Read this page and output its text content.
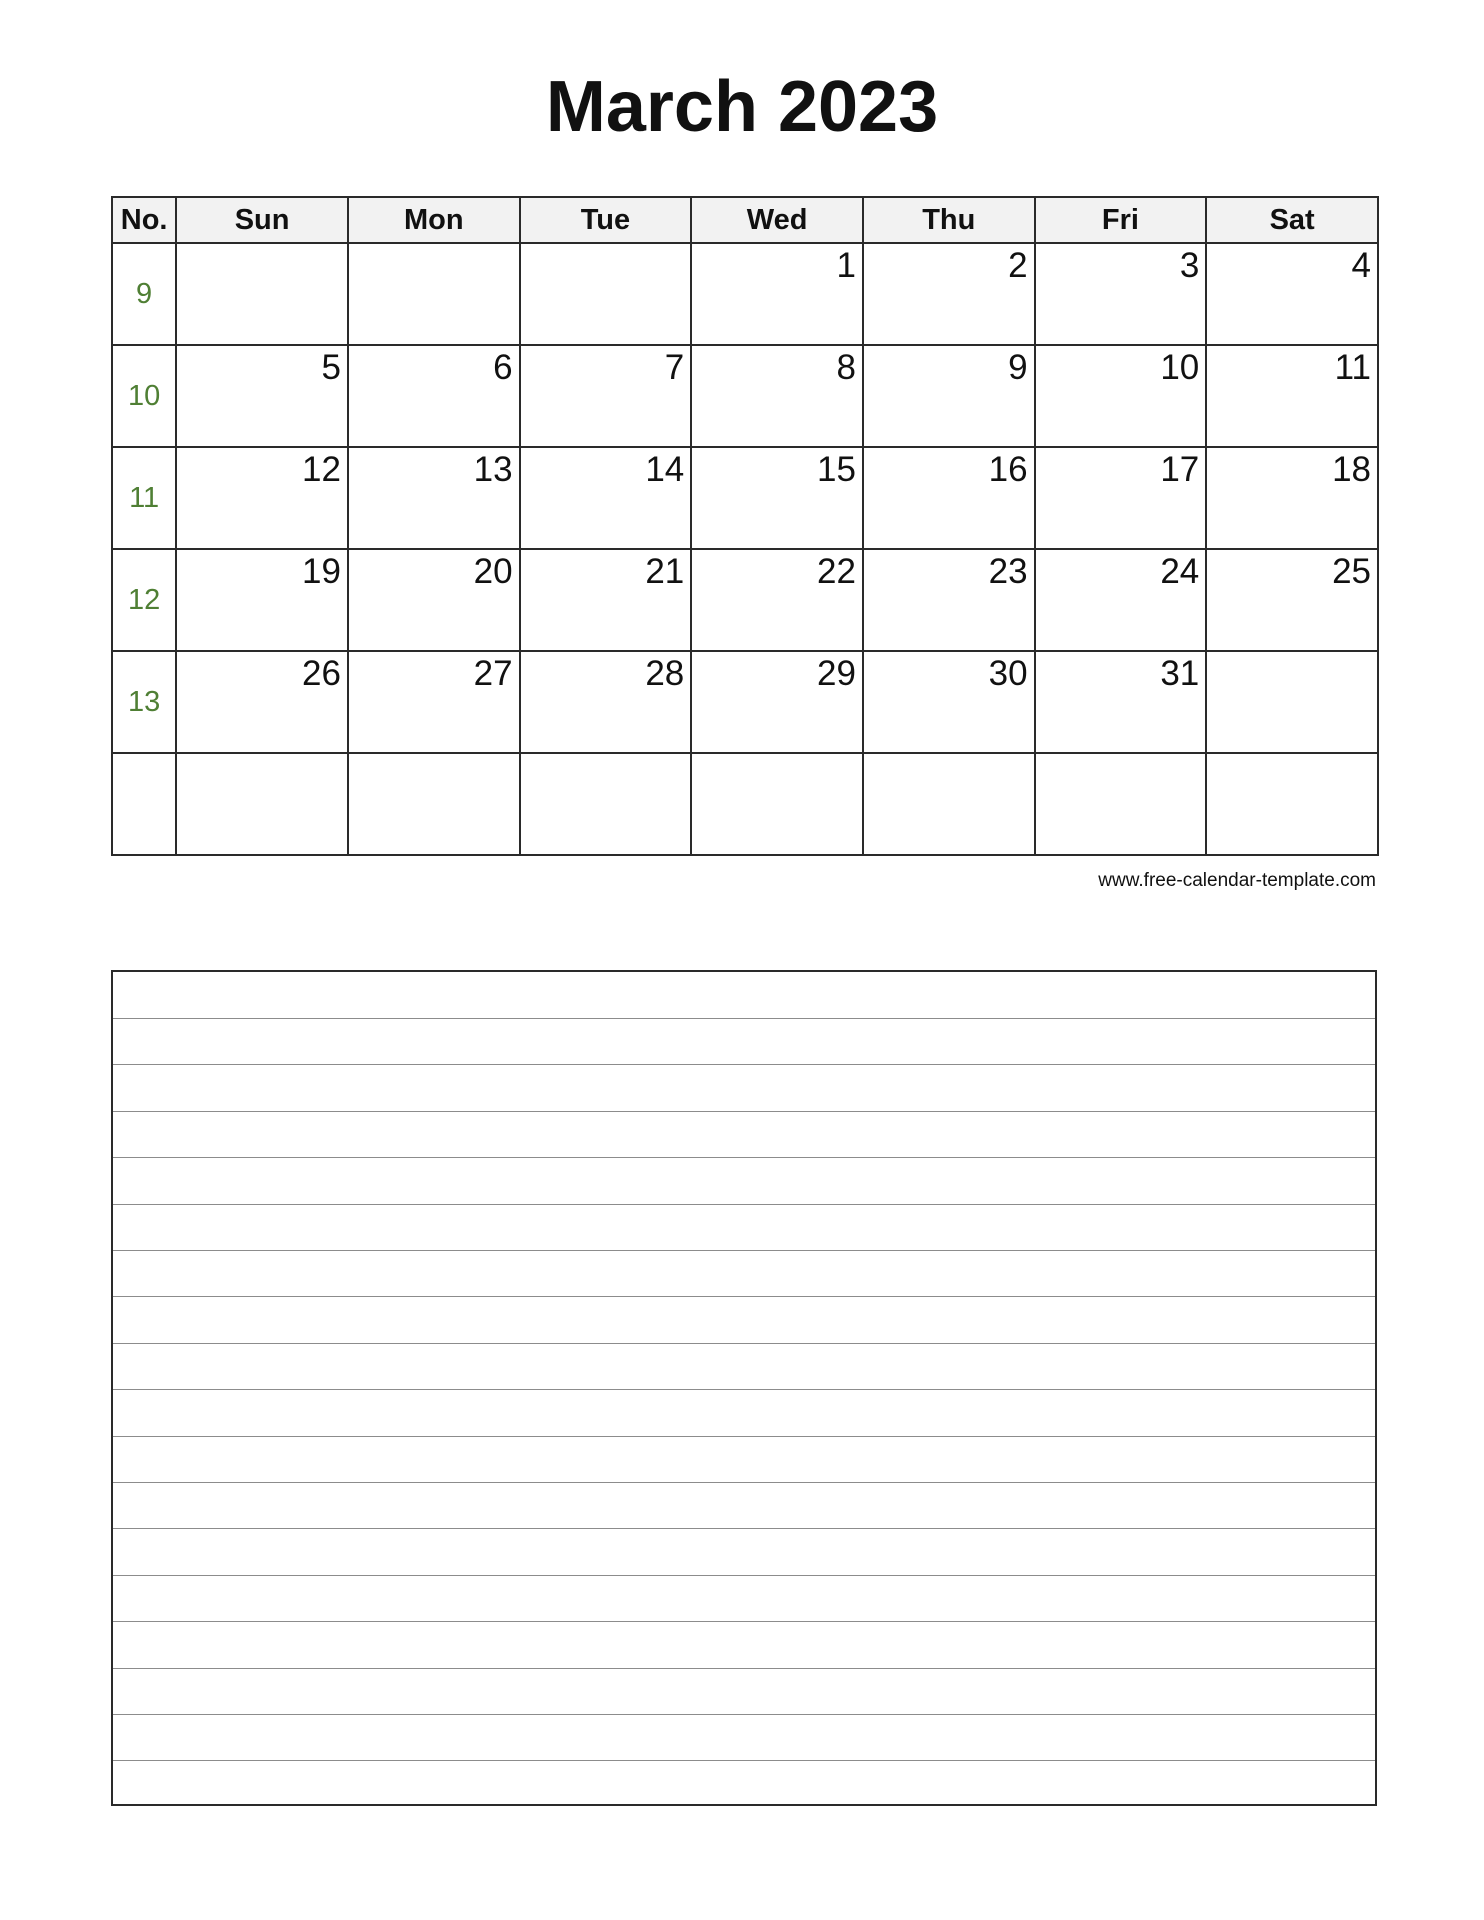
March 2023
No.	Sun	Mon	Tue	Wed	Thu	Fri	Sat
9				1	2	3	4

10	5	6	7	8	9	10	11

11	12	13	14	15	16	17	18

12	19	20	21	22	23	24	25

13	26	27	28	29	30	31	

www.free-calendar-template.com
